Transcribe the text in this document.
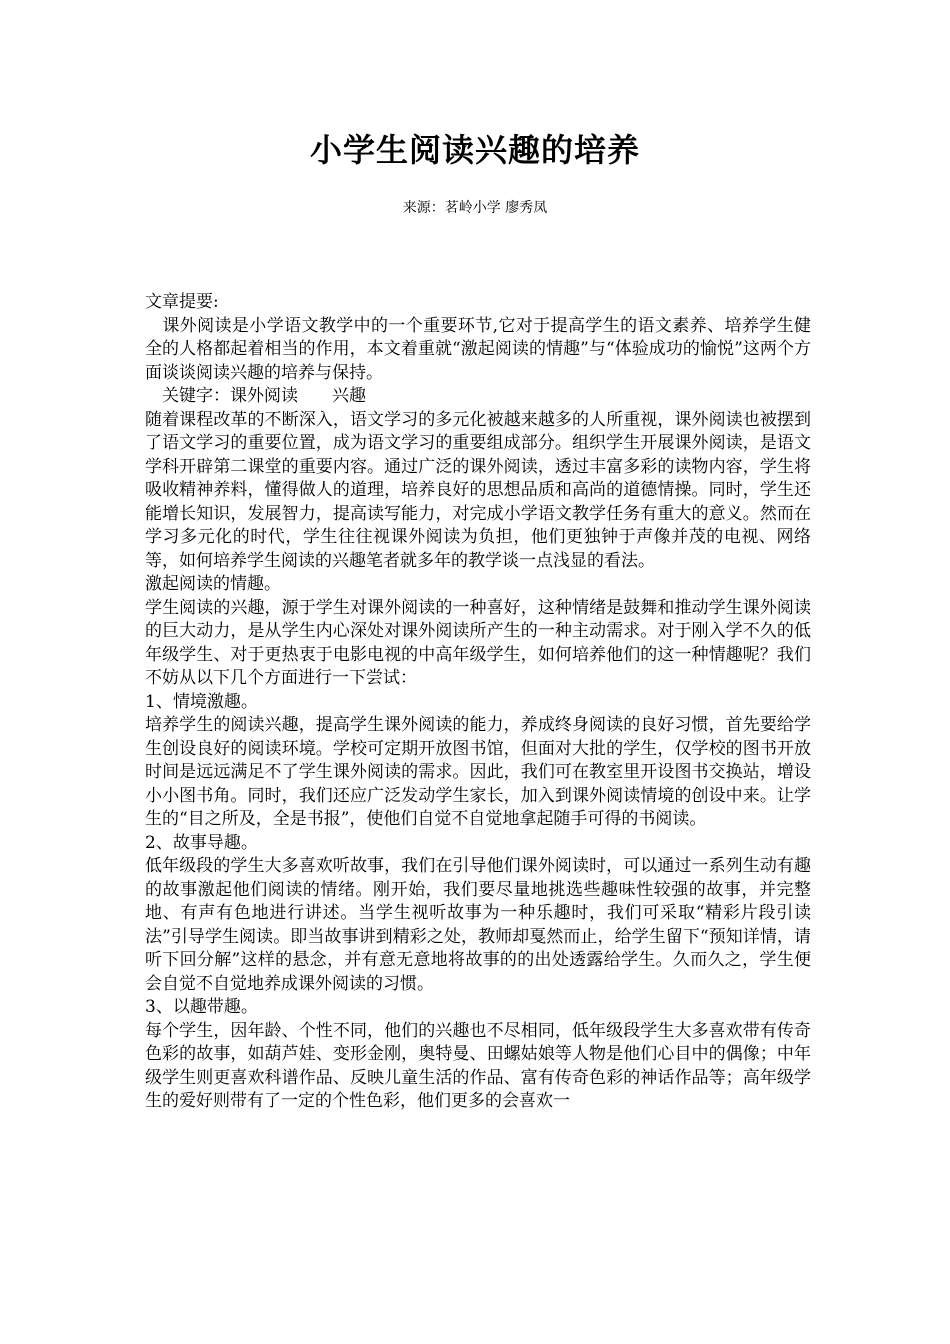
小学生阅读兴趣的培养
来源：茗岭小学 廖秀凤

文章提要:

　课外阅读是小学语文教学中的一个重要环节,它对于提高学生的语文素养、培养学生健全的人格都起着相当的作用，本文着重就“激起阅读的情趣”与“体验成功的愉悦”这两个方面谈谈阅读兴趣的培养与保持。

　关键字：课外阅读　　兴趣

随着课程改革的不断深入，语文学习的多元化被越来越多的人所重视，课外阅读也被摆到了语文学习的重要位置，成为语文学习的重要组成部分。组织学生开展课外阅读，是语文学科开辟第二课堂的重要内容。通过广泛的课外阅读，透过丰富多彩的读物内容，学生将吸收精神养料，懂得做人的道理，培养良好的思想品质和高尚的道德情操。同时，学生还能增长知识，发展智力，提高读写能力，对完成小学语文教学任务有重大的意义。然而在学习多元化的时代，学生往往视课外阅读为负担，他们更独钟于声像并茂的电视、网络等，如何培养学生阅读的兴趣笔者就多年的教学谈一点浅显的看法。

激起阅读的情趣。

学生阅读的兴趣，源于学生对课外阅读的一种喜好，这种情绪是鼓舞和推动学生课外阅读的巨大动力，是从学生内心深处对课外阅读所产生的一种主动需求。对于刚入学不久的低年级学生、对于更热衷于电影电视的中高年级学生，如何培养他们的这一种情趣呢？我们不妨从以下几个方面进行一下尝试：

1、情境激趣。

培养学生的阅读兴趣，提高学生课外阅读的能力，养成终身阅读的良好习惯，首先要给学生创设良好的阅读环境。学校可定期开放图书馆，但面对大批的学生，仅学校的图书开放时间是远远满足不了学生课外阅读的需求。因此，我们可在教室里开设图书交换站，增设小小图书角。同时，我们还应广泛发动学生家长，加入到课外阅读情境的创设中来。让学生的“目之所及，全是书报”，使他们自觉不自觉地拿起随手可得的书阅读。

2、故事导趣。

低年级段的学生大多喜欢听故事，我们在引导他们课外阅读时，可以通过一系列生动有趣的故事激起他们阅读的情绪。刚开始，我们要尽量地挑选些趣味性较强的故事，并完整地、有声有色地进行讲述。当学生视听故事为一种乐趣时，我们可采取“精彩片段引读法”引导学生阅读。即当故事讲到精彩之处，教师却戛然而止，给学生留下“预知详情，请听下回分解”这样的悬念，并有意无意地将故事的的出处透露给学生。久而久之，学生便会自觉不自觉地养成课外阅读的习惯。

3、以趣带趣。

每个学生，因年龄、个性不同，他们的兴趣也不尽相同，低年级段学生大多喜欢带有传奇色彩的故事，如葫芦娃、变形金刚，奥特曼、田螺姑娘等人物是他们心目中的偶像；中年级学生则更喜欢科谱作品、反映儿童生活的作品、富有传奇色彩的神话作品等；高年级学生的爱好则带有了一定的个性色彩，他们更多的会喜欢一
